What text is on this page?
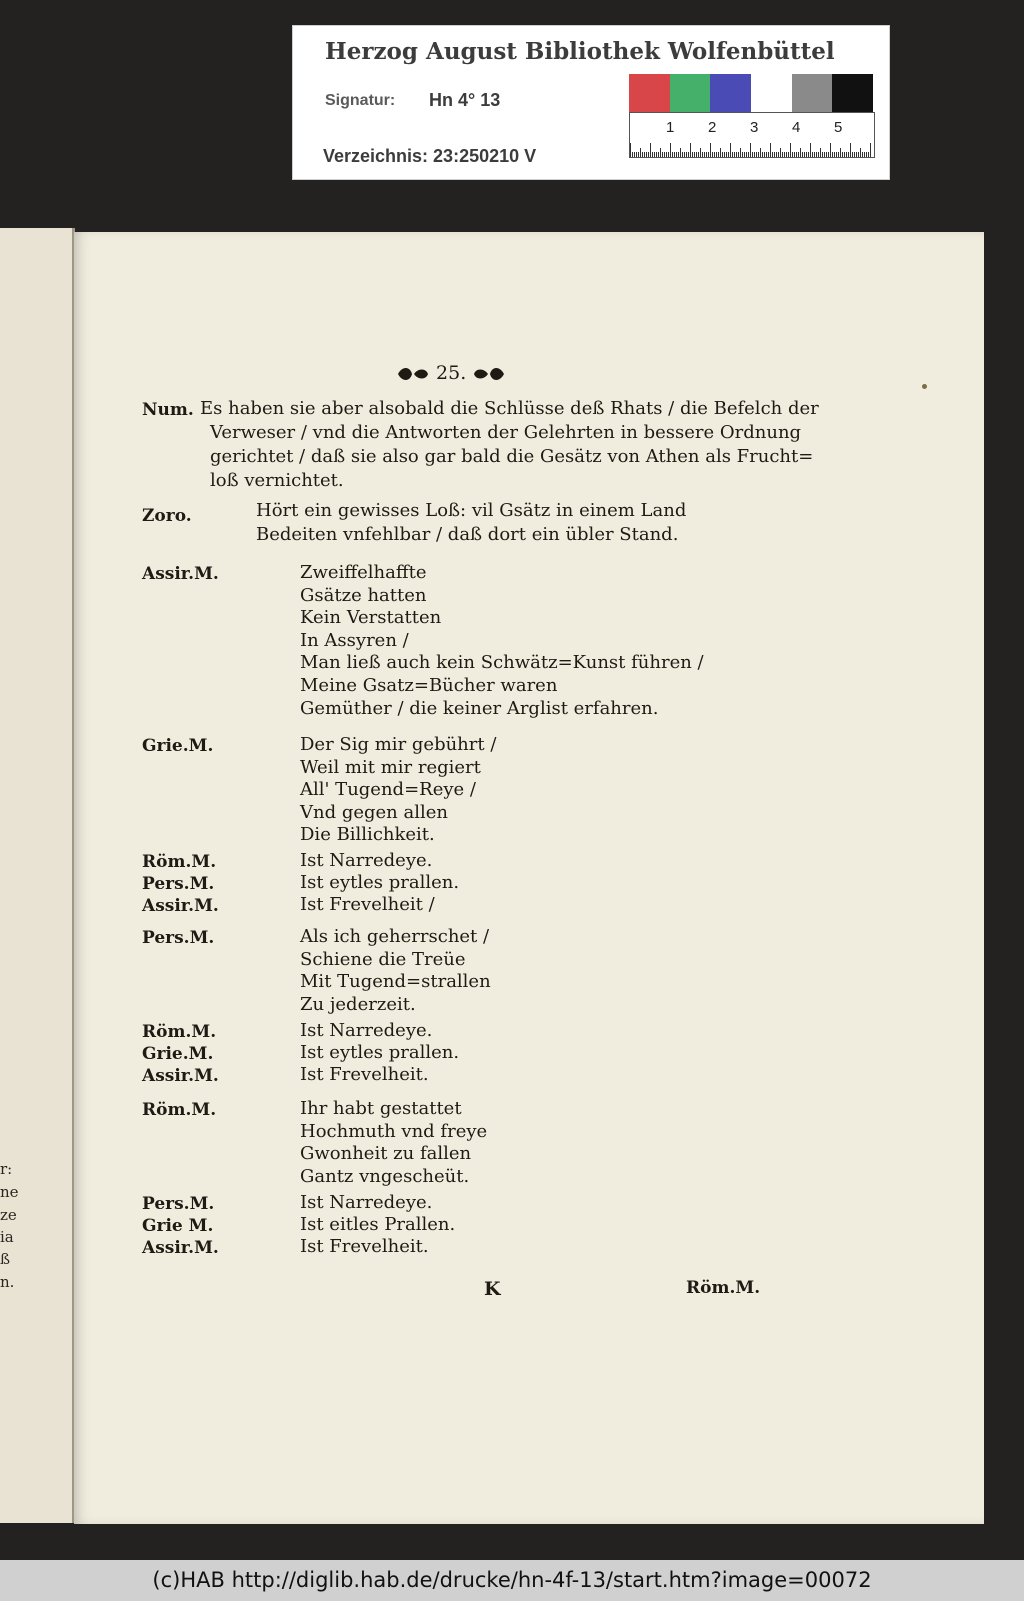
r:
ne
ze
ia
ß
n.
Herzog August Bibliothek Wolfenbüttel
Signatur: Hn 4° 13
Verzeichnis: 23:250210 V
1 2 3 4 5
25.
Num. Es haben sie aber alsobald die Schlüsse deß Rhats / die Befelch der
Verweser / vnd die Antworten der Gelehrten in bessere Ordnung
gerichtet / daß sie also gar bald die Gesätz von Athen als Frucht=
loß vernichtet.
Zoro.	Hört ein gewisses Loß: vil Gsätz in einem Land
Bedeiten vnfehlbar / daß dort ein übler Stand.
Assir.M.	Zweiffelhaffte
Gsätze hatten
Kein Verstatten
In Assyren /
Man ließ auch kein Schwätz=Kunst führen /
Meine Gsatz=Bücher waren
Gemüther / die keiner Arglist erfahren.
Grie.M.	Der Sig mir gebührt /
Weil mit mir regiert
All' Tugend=Reye /
Vnd gegen allen
Die Billichkeit.
Röm.M.	Ist Narredeye.
Pers.M.	Ist eytles prallen.
Assir.M.	Ist Frevelheit /
Pers.M.	Als ich geherrschet /
Schiene die Treüe
Mit Tugend=strallen
Zu jederzeit.
Röm.M.	Ist Narredeye.
Grie.M.	Ist eytles prallen.
Assir.M.	Ist Frevelheit.
Röm.M.	Ihr habt gestattet
Hochmuth vnd freye
Gwonheit zu fallen
Gantz vngescheüt.
Pers.M.	Ist Narredeye.
Grie M.	Ist eitles Prallen.
Assir.M.	Ist Frevelheit.
K	Röm.M.
(c)HAB http://diglib.hab.de/drucke/hn-4f-13/start.htm?image=00072
